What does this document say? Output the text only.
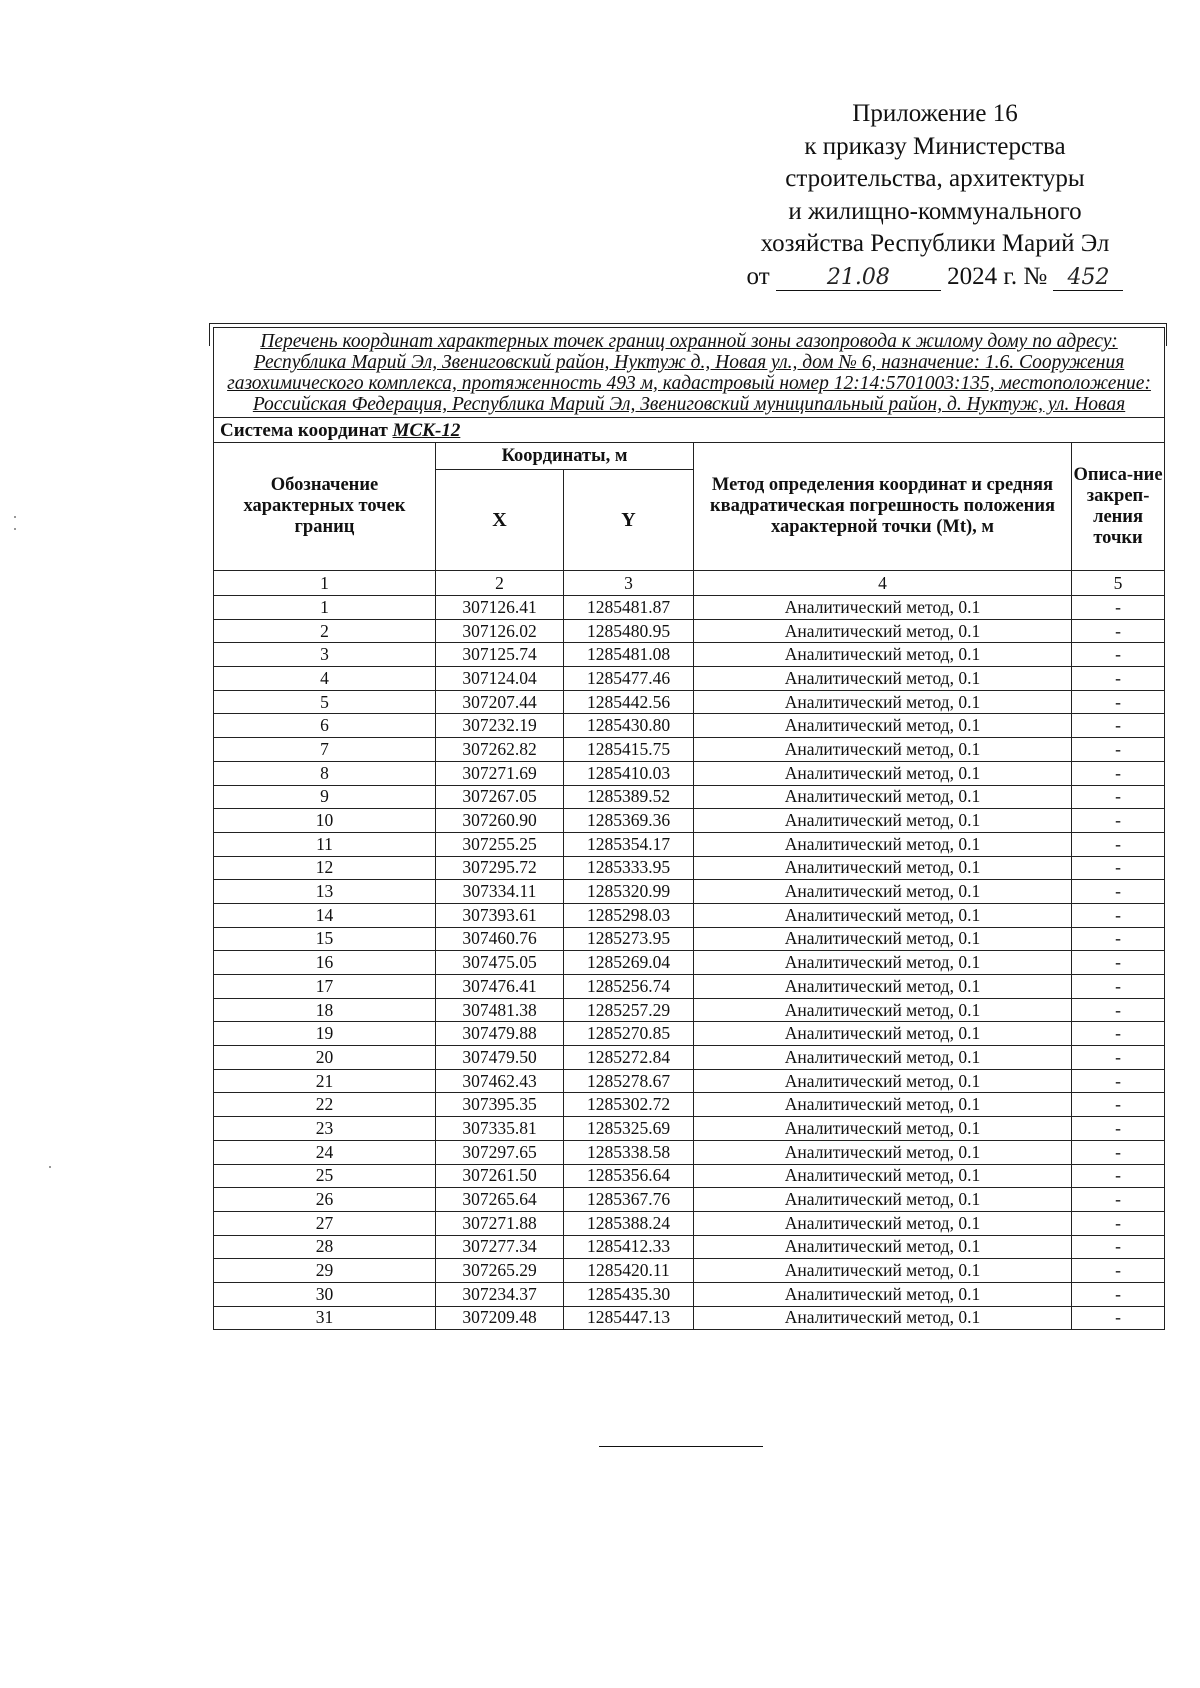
Приложение 16
к приказу Министерства
строительства, архитектуры
и жилищно-коммунального
хозяйства Республики Марий Эл
от	21.08 2024 г. № 452
Перечень координат характерных точек границ охранной зоны газопровода к жилому дому по адресу: Республика Марий Эл, Звениговский район, Нуктуж д., Новая ул., дом № 6, назначение: 1.6. Сооружения газохимического комплекса, протяженность 493 м, кадастровый номер 12:14:5701003:135, местоположение: Российская Федерация, Республика Марий Эл, Звениговский муниципальный район, д. Нуктуж, ул. Новая				
Система координат МСК-12				
Обозначение характерных точек границ	Координаты, м		Метод определения координат и средняя квадратическая погрешность положения характерной точки (Mt), м	Описа-ние закреп-ления точки
	X	Y		
1	2	3	4	5
1	307126.41	1285481.87	Аналитический метод, 0.1	-
2	307126.02	1285480.95	Аналитический метод, 0.1	-
3	307125.74	1285481.08	Аналитический метод, 0.1	-
4	307124.04	1285477.46	Аналитический метод, 0.1	-
5	307207.44	1285442.56	Аналитический метод, 0.1	-
6	307232.19	1285430.80	Аналитический метод, 0.1	-
7	307262.82	1285415.75	Аналитический метод, 0.1	-
8	307271.69	1285410.03	Аналитический метод, 0.1	-
9	307267.05	1285389.52	Аналитический метод, 0.1	-
10	307260.90	1285369.36	Аналитический метод, 0.1	-
11	307255.25	1285354.17	Аналитический метод, 0.1	-
12	307295.72	1285333.95	Аналитический метод, 0.1	-
13	307334.11	1285320.99	Аналитический метод, 0.1	-
14	307393.61	1285298.03	Аналитический метод, 0.1	-
15	307460.76	1285273.95	Аналитический метод, 0.1	-
16	307475.05	1285269.04	Аналитический метод, 0.1	-
17	307476.41	1285256.74	Аналитический метод, 0.1	-
18	307481.38	1285257.29	Аналитический метод, 0.1	-
19	307479.88	1285270.85	Аналитический метод, 0.1	-
20	307479.50	1285272.84	Аналитический метод, 0.1	-
21	307462.43	1285278.67	Аналитический метод, 0.1	-
22	307395.35	1285302.72	Аналитический метод, 0.1	-
23	307335.81	1285325.69	Аналитический метод, 0.1	-
24	307297.65	1285338.58	Аналитический метод, 0.1	-
25	307261.50	1285356.64	Аналитический метод, 0.1	-
26	307265.64	1285367.76	Аналитический метод, 0.1	-
27	307271.88	1285388.24	Аналитический метод, 0.1	-
28	307277.34	1285412.33	Аналитический метод, 0.1	-
29	307265.29	1285420.11	Аналитический метод, 0.1	-
30	307234.37	1285435.30	Аналитический метод, 0.1	-
31	307209.48	1285447.13	Аналитический метод, 0.1	-
